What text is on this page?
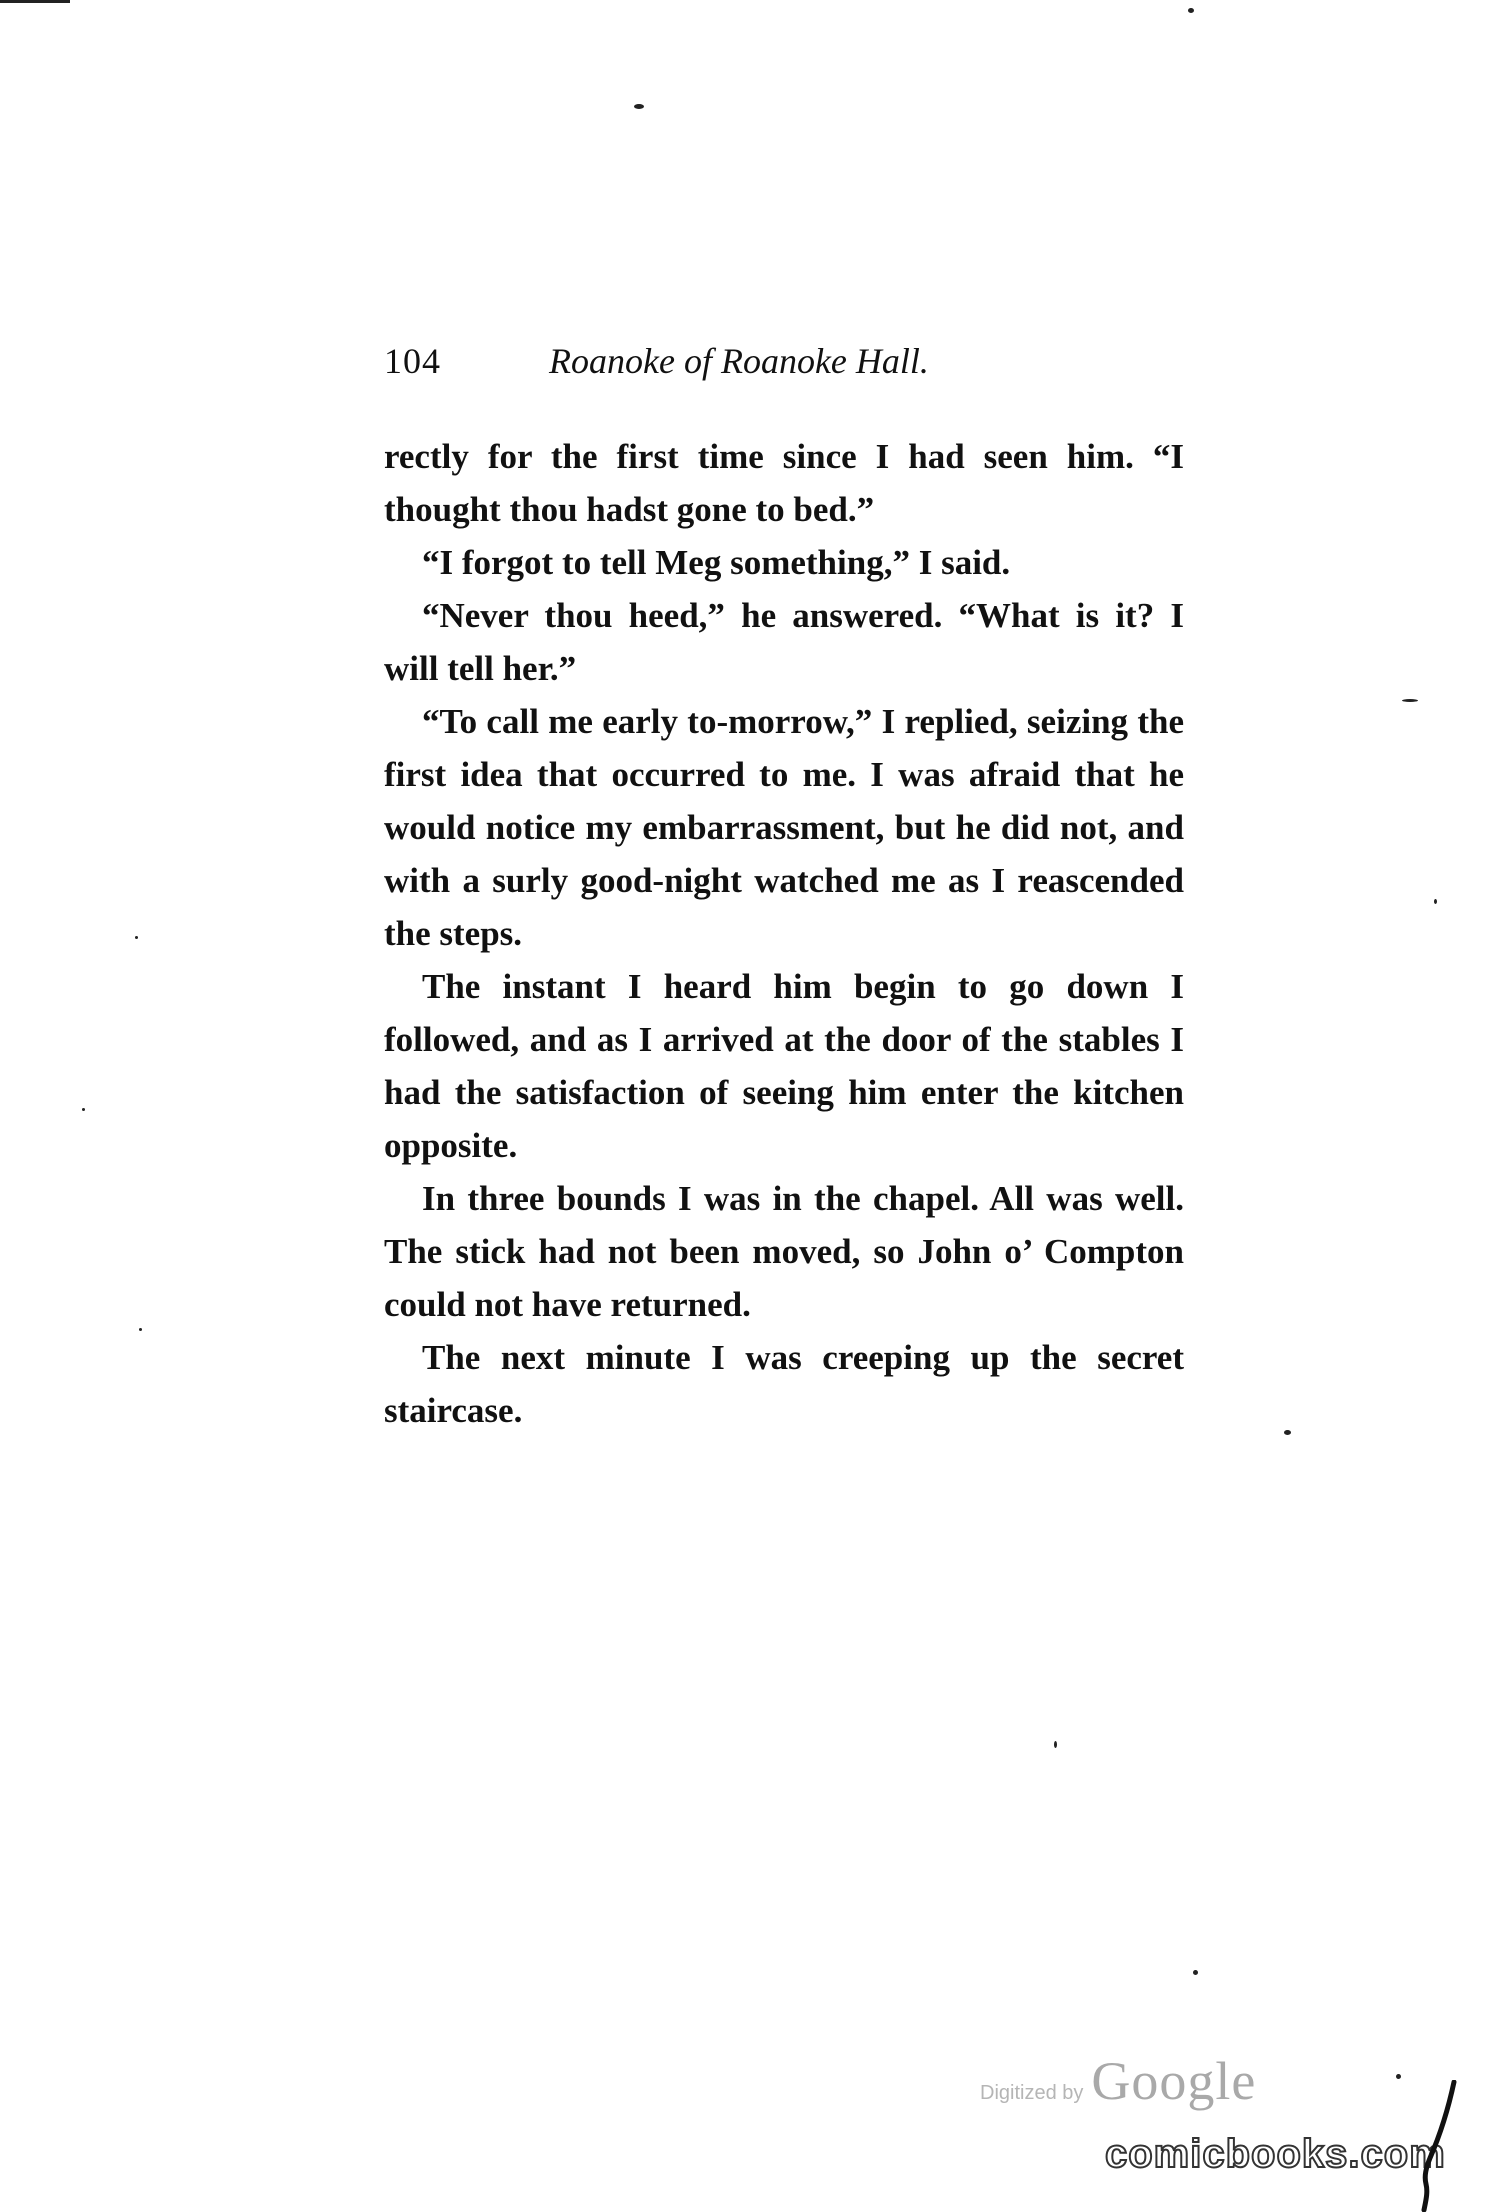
104	Roanoke of Roanoke Hall.

rectly for the first time since I had seen him. “I thought thou hadst gone to bed.”

“I forgot to tell Meg something,” I said.

“Never thou heed,” he answered. “What is it? I will tell her.”

“To call me early to-morrow,” I replied, seizing the first idea that occurred to me. I was afraid that he would notice my embarrassment, but he did not, and with a surly good-night watched me as I reascended the steps.

The instant I heard him begin to go down I followed, and as I arrived at the door of the stables I had the satisfaction of seeing him enter the kitchen opposite.

In three bounds I was in the chapel. All was well. The stick had not been moved, so John o’ Compton could not have returned.

The next minute I was creeping up the secret staircase.

Digitized by Google
comicbooks.com
